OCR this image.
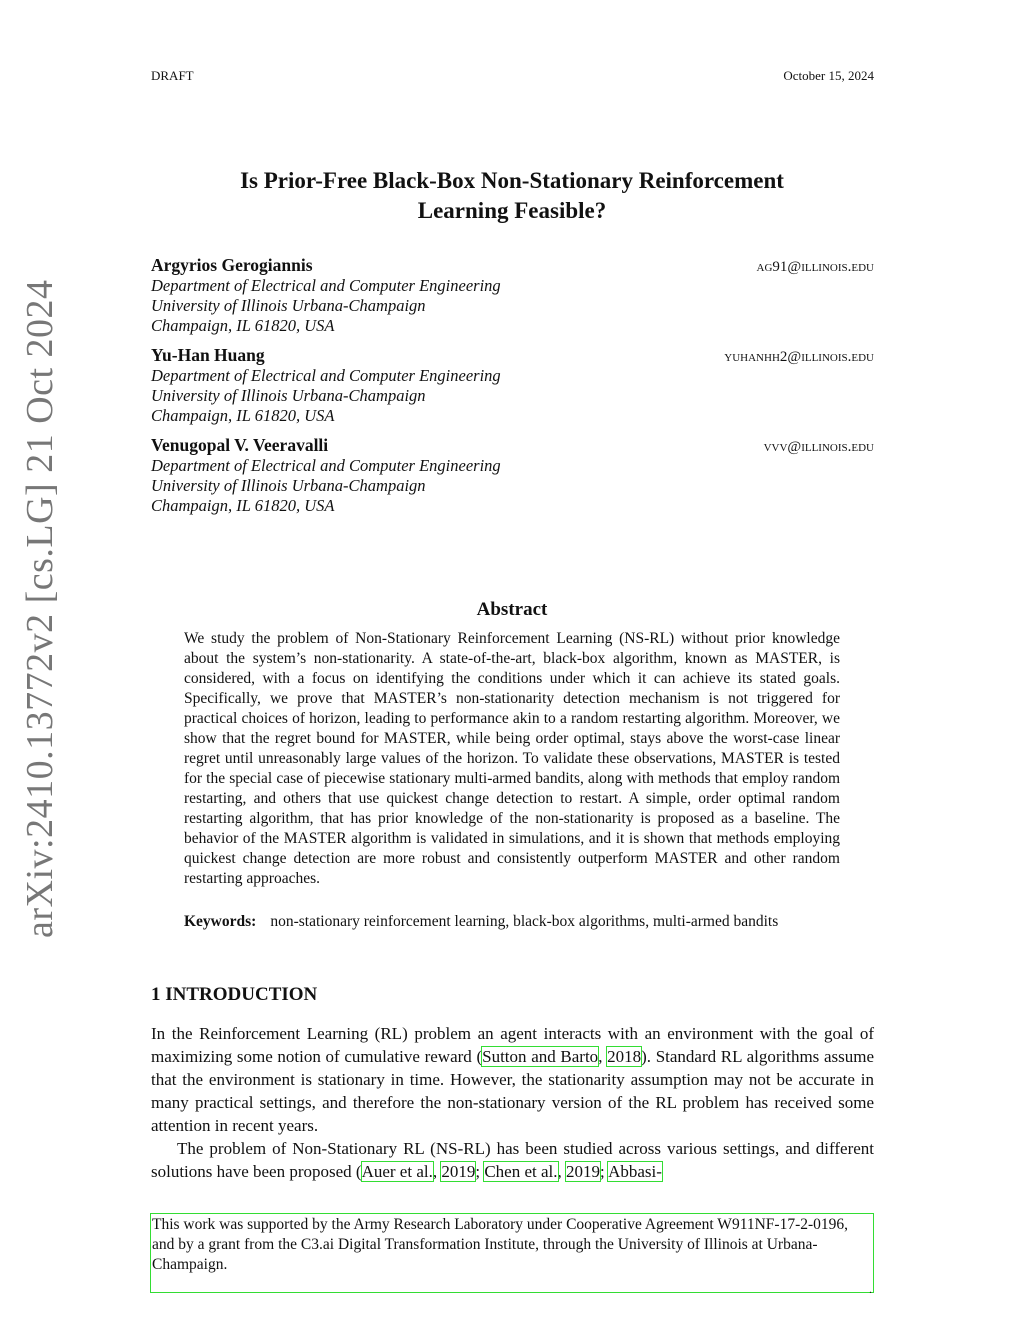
DRAFT	October 15, 2024
Is Prior-Free Black-Box Non-Stationary Reinforcement
Learning Feasible?
Argyrios Gerogiannis	ag91@illinois.edu
Department of Electrical and Computer Engineering
University of Illinois Urbana-Champaign
Champaign, IL 61820, USA
Yu-Han Huang	yuhanhh2@illinois.edu
Department of Electrical and Computer Engineering
University of Illinois Urbana-Champaign
Champaign, IL 61820, USA
Venugopal V. Veeravalli	vvv@illinois.edu
Department of Electrical and Computer Engineering
University of Illinois Urbana-Champaign
Champaign, IL 61820, USA
arXiv:2410.13772v2 [cs.LG] 21 Oct 2024	Abstract
We study the problem of Non-Stationary Reinforcement Learning (NS-RL) without prior knowledge about the system’s non-stationarity. A state-of-the-art, black-box algorithm, known as MASTER, is considered, with a focus on identifying the conditions under which it can achieve its stated goals. Specifically, we prove that MASTER’s non-stationarity detection mechanism is not triggered for practical choices of horizon, leading to performance akin to a random restarting algorithm. Moreover, we show that the regret bound for MASTER, while being order optimal, stays above the worst-case linear regret until unreasonably large values of the horizon. To validate these observations, MASTER is tested for the special case of piecewise stationary multi-armed bandits, along with methods that employ random restarting, and others that use quickest change detection to restart. A simple, order optimal random restarting algorithm, that has prior knowledge of the non-stationarity is proposed as a baseline. The behavior of the MASTER algorithm is validated in simulations, and it is shown that methods employing quickest change detection are more robust and consistently outperform MASTER and other random restarting approaches.
Keywords: non-stationary reinforcement learning, black-box algorithms, multi-armed bandits
1 INTRODUCTION

In the Reinforcement Learning (RL) problem an agent interacts with an environment with the goal of maximizing some notion of cumulative reward (Sutton and Barto, 2018). Standard RL algorithms assume that the environment is stationary in time. However, the stationarity assumption may not be accurate in many practical settings, and therefore the non-stationary version of the RL problem has received some attention in recent years.

The problem of Non-Stationary RL (NS-RL) has been studied across various settings, and different solutions have been proposed (Auer et al., 2019; Chen et al., 2019; Abbasi-

This work was supported by the Army Research Laboratory under Cooperative Agreement W911NF-17-2-0196, and by a grant from the C3.ai Digital Transformation Institute, through the University of Illinois at Urbana-Champaign.
.
